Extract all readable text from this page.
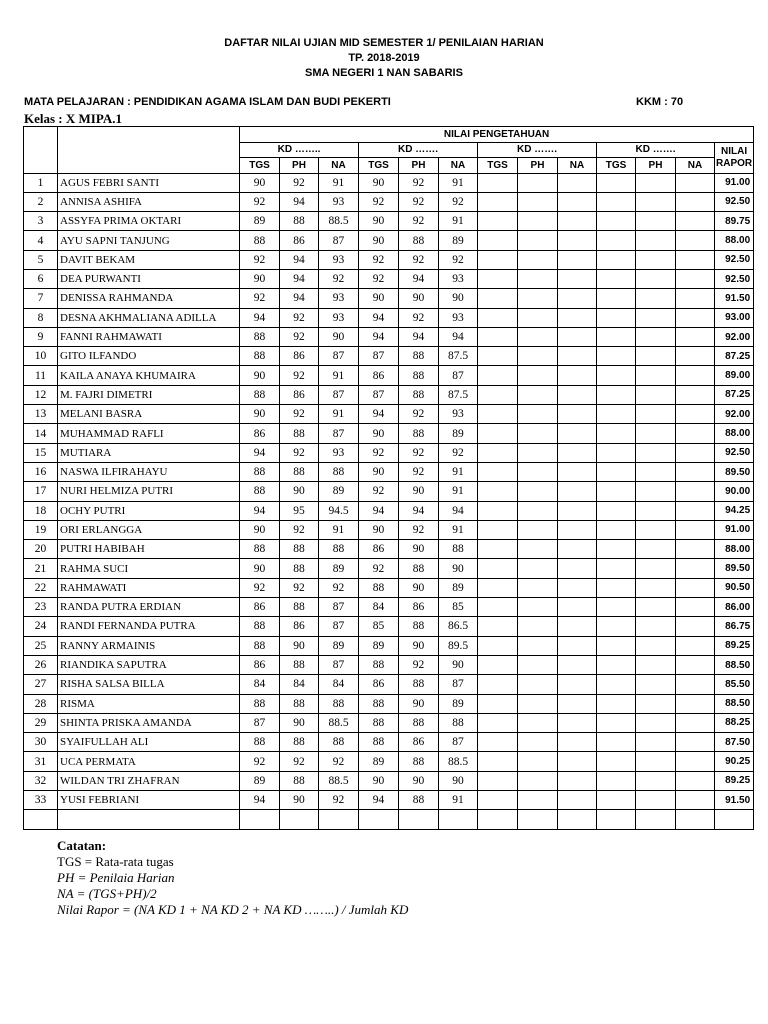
DAFTAR NILAI UJIAN MID SEMESTER 1/ PENILAIAN HARIAN
TP. 2018-2019
SMA NEGERI 1 NAN SABARIS
MATA PELAJARAN : PENDIDIKAN AGAMA ISLAM DAN BUDI PEKERTI	KKM : 70
Kelas : X MIPA.1
		NILAI PENGETAHUAN												
		KD ……..			KD …….			KD …….			KD …….			NILAI
RAPOR
		TGS	PH	NA	TGS	PH	NA	TGS	PH	NA	TGS	PH	NA	
1	AGUS FEBRI SANTI	90	92	91	90	92	91							91.00
2	ANNISA ASHIFA	92	94	93	92	92	92							92.50
3	ASSYFA PRIMA OKTARI	89	88	88.5	90	92	91							89.75
4	AYU SAPNI TANJUNG	88	86	87	90	88	89							88.00
5	DAVIT BEKAM	92	94	93	92	92	92							92.50
6	DEA PURWANTI	90	94	92	92	94	93							92.50
7	DENISSA RAHMANDA	92	94	93	90	90	90							91.50
8	DESNA AKHMALIANA ADILLA	94	92	93	94	92	93							93.00
9	FANNI RAHMAWATI	88	92	90	94	94	94							92.00
10	GITO ILFANDO	88	86	87	87	88	87.5							87.25
11	KAILA ANAYA KHUMAIRA	90	92	91	86	88	87							89.00
12	M. FAJRI DIMETRI	88	86	87	87	88	87.5							87.25
13	MELANI BASRA	90	92	91	94	92	93							92.00
14	MUHAMMAD RAFLI	86	88	87	90	88	89							88.00
15	MUTIARA	94	92	93	92	92	92							92.50
16	NASWA ILFIRAHAYU	88	88	88	90	92	91							89.50
17	NURI HELMIZA PUTRI	88	90	89	92	90	91							90.00
18	OCHY PUTRI	94	95	94.5	94	94	94							94.25
19	ORI ERLANGGA	90	92	91	90	92	91							91.00
20	PUTRI HABIBAH	88	88	88	86	90	88							88.00
21	RAHMA SUCI	90	88	89	92	88	90							89.50
22	RAHMAWATI	92	92	92	88	90	89							90.50
23	RANDA PUTRA ERDIAN	86	88	87	84	86	85							86.00
24	RANDI FERNANDA PUTRA	88	86	87	85	88	86.5							86.75
25	RANNY ARMAINIS	88	90	89	89	90	89.5							89.25
26	RIANDIKA SAPUTRA	86	88	87	88	92	90							88.50
27	RISHA SALSA BILLA	84	84	84	86	88	87							85.50
28	RISMA	88	88	88	88	90	89							88.50
29	SHINTA PRISKA AMANDA	87	90	88.5	88	88	88							88.25
30	SYAIFULLAH ALI	88	88	88	88	86	87							87.50
31	UCA PERMATA	92	92	92	89	88	88.5							90.25
32	WILDAN TRI ZHAFRAN	89	88	88.5	90	90	90							89.25
33	YUSI FEBRIANI	94	90	92	94	88	91							91.50

Catatan:
TGS = Rata-rata tugas
PH = Penilaia Harian
NA = (TGS+PH)/2
Nilai Rapor = (NA KD 1 + NA KD 2 + NA KD ……..) / Jumlah KD
